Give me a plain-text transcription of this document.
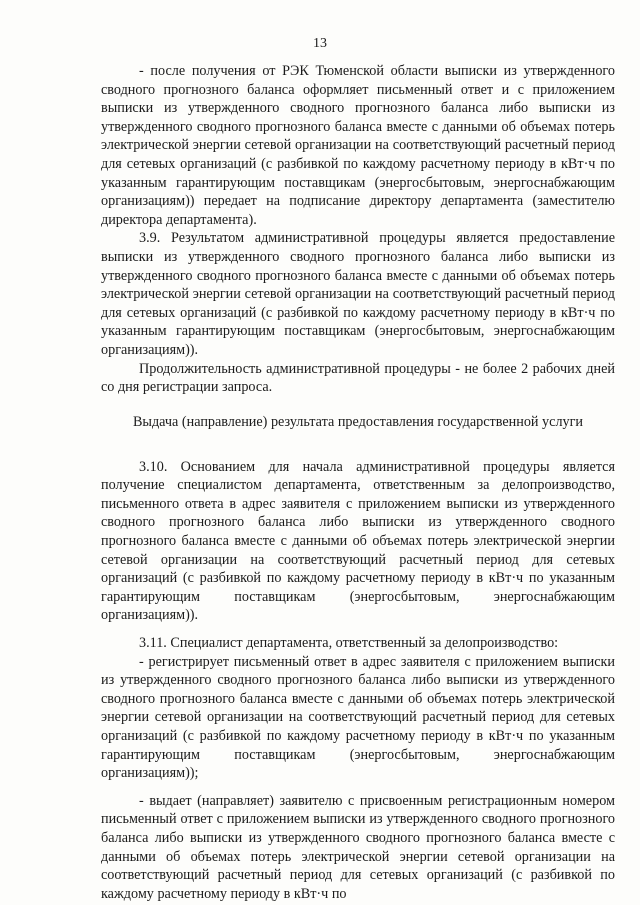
13

- после получения от РЭК Тюменской области выписки из утвержденного сводного прогнозного баланса оформляет письменный ответ и с приложением выписки из утвержденного сводного прогнозного баланса либо выписки из утвержденного сводного прогнозного баланса вместе с данными об объемах потерь электрической энергии сетевой организации на соответствующий расчетный период для сетевых организаций (с разбивкой по каждому расчетному периоду в кВт·ч по указанным гарантирующим поставщикам (энергосбытовым, энергоснабжающим организациям)) передает на подписание директору департамента (заместителю директора департамента).

3.9. Результатом административной процедуры является предоставление выписки из утвержденного сводного прогнозного баланса либо выписки из утвержденного сводного прогнозного баланса вместе с данными об объемах потерь электрической энергии сетевой организации на соответствующий расчетный период для сетевых организаций (с разбивкой по каждому расчетному периоду в кВт·ч по указанным гарантирующим поставщикам (энергосбытовым, энергоснабжающим организациям)).

Продолжительность административной процедуры - не более 2 рабочих дней со дня регистрации запроса.

Выдача (направление) результата предоставления государственной услуги

3.10. Основанием для начала административной процедуры является получение специалистом департамента, ответственным за делопроизводство, письменного ответа в адрес заявителя с приложением выписки из утвержденного сводного прогнозного баланса либо выписки из утвержденного сводного прогнозного баланса вместе с данными об объемах потерь электрической энергии сетевой организации на соответствующий расчетный период для сетевых организаций (с разбивкой по каждому расчетному периоду в кВт·ч по указанным гарантирующим поставщикам (энергосбытовым, энергоснабжающим организациям)).

3.11. Специалист департамента, ответственный за делопроизводство:

- регистрирует письменный ответ в адрес заявителя с приложением выписки из утвержденного сводного прогнозного баланса либо выписки из утвержденного сводного прогнозного баланса вместе с данными об объемах потерь электрической энергии сетевой организации на соответствующий расчетный период для сетевых организаций (с разбивкой по каждому расчетному периоду в кВт·ч по указанным гарантирующим поставщикам (энергосбытовым, энергоснабжающим организациям));

- выдает (направляет) заявителю с присвоенным регистрационным номером письменный ответ с приложением выписки из утвержденного сводного прогнозного баланса либо выписки из утвержденного сводного прогнозного баланса вместе с данными об объемах потерь электрической энергии сетевой организации на соответствующий расчетный период для сетевых организаций (с разбивкой по каждому расчетному периоду в кВт·ч по
